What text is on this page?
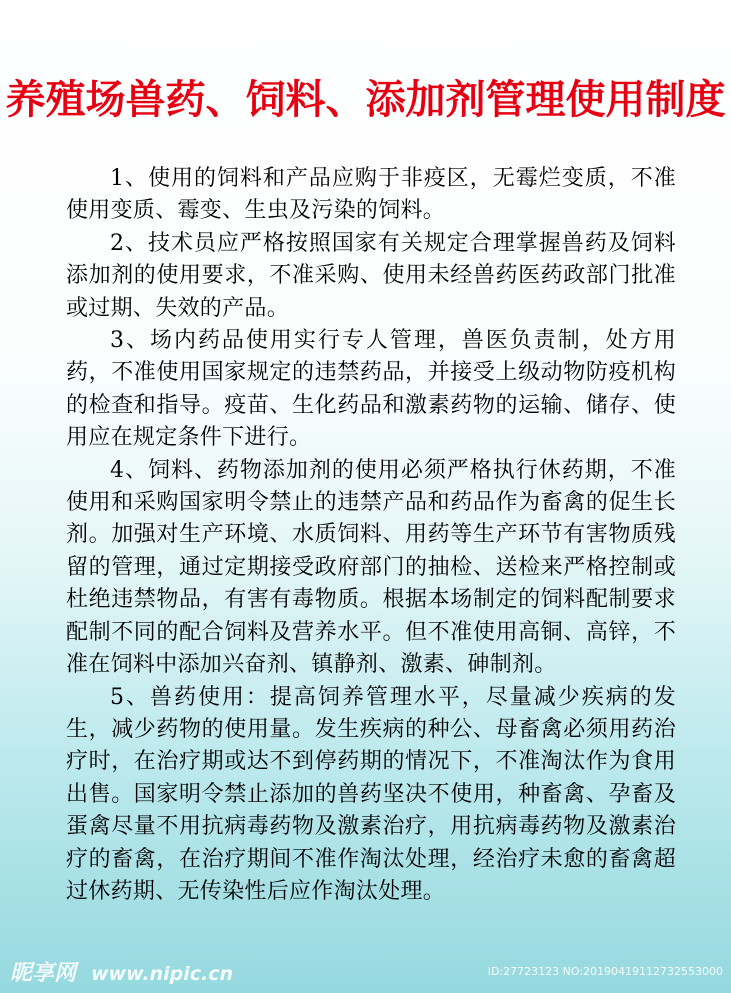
养殖场兽药、饲料、添加剂管理使用制度

1、使用的饲料和产品应购于非疫区，无霉烂变质，不准使用变质、霉变、生虫及污染的饲料。

2、技术员应严格按照国家有关规定合理掌握兽药及饲料添加剂的使用要求，不准采购、使用未经兽药医药政部门批准或过期、失效的产品。

3、场内药品使用实行专人管理，兽医负责制，处方用药，不准使用国家规定的违禁药品，并接受上级动物防疫机构的检查和指导。疫苗、生化药品和激素药物的运输、储存、使用应在规定条件下进行。

4、饲料、药物添加剂的使用必须严格执行休药期，不准使用和采购国家明令禁止的违禁产品和药品作为畜禽的促生长剂。加强对生产环境、水质饲料、用药等生产环节有害物质残留的管理，通过定期接受政府部门的抽检、送检来严格控制或杜绝违禁物品，有害有毒物质。根据本场制定的饲料配制要求配制不同的配合饲料及营养水平。但不准使用高铜、高锌，不准在饲料中添加兴奋剂、镇静剂、激素、砷制剂。

5、兽药使用：提高饲养管理水平，尽量减少疾病的发生，减少药物的使用量。发生疾病的种公、母畜禽必须用药治疗时，在治疗期或达不到停药期的情况下，不准淘汰作为食用出售。国家明令禁止添加的兽药坚决不使用，种畜禽、孕畜及蛋禽尽量不用抗病毒药物及激素治疗，用抗病毒药物及激素治疗的畜禽，在治疗期间不准作淘汰处理，经治疗未愈的畜禽超过休药期、无传染性后应作淘汰处理。

昵享网 www.nipic.cn	ID:27723123 NO:20190419112732553000
